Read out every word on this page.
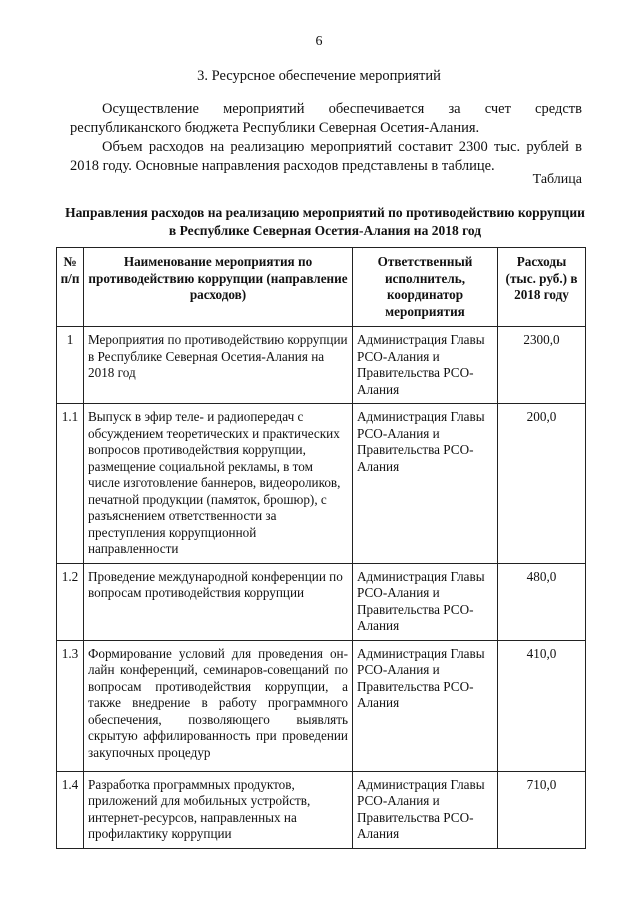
6
3. Ресурсное обеспечение мероприятий
Осуществление мероприятий обеспечивается за счет средств
республиканского бюджета Республики Северная Осетия-Алания.
Объем расходов на реализацию мероприятий составит 2300 тыс. рублей в
2018 году. Основные направления расходов представлены в таблице.
Таблица
Направления расходов на реализацию мероприятий по противодействию коррупции в Республике Северная Осетия-Алания на 2018 год
№ п/п	Наименование мероприятия по противодействию коррупции (направление расходов)	Ответственный исполнитель, координатор мероприятия	Расходы (тыс. руб.) в 2018 году
1	Мероприятия по противодействию коррупции в Республике Северная Осетия-Алания на 2018 год	Администрация Главы РСО-Алания и Правительства РСО-Алания	2300,0
1.1	Выпуск в эфир теле- и радиопередач с обсуждением теоретических и практических вопросов противодействия коррупции, размещение социальной рекламы, в том числе изготовление баннеров, видеороликов, печатной продукции (памяток, брошюр), с разъяснением ответственности за преступления коррупционной направленности	Администрация Главы РСО-Алания и Правительства РСО-Алания	200,0
1.2	Проведение международной конференции по вопросам противодействия коррупции	Администрация Главы РСО-Алания и Правительства РСО-Алания	480,0
1.3	Формирование условий для проведения он-лайн конференций, семинаров-совещаний по вопросам противодействия коррупции, а также внедрение в работу программного обеспечения, позволяющего выявлять скрытую аффилированность при проведении закупочных процедур	Администрация Главы РСО-Алания и Правительства РСО-Алания	410,0
1.4	Разработка программных продуктов, приложений для мобильных устройств, интернет-ресурсов, направленных на профилактику коррупции	Администрация Главы РСО-Алания и Правительства РСО-Алания	710,0
